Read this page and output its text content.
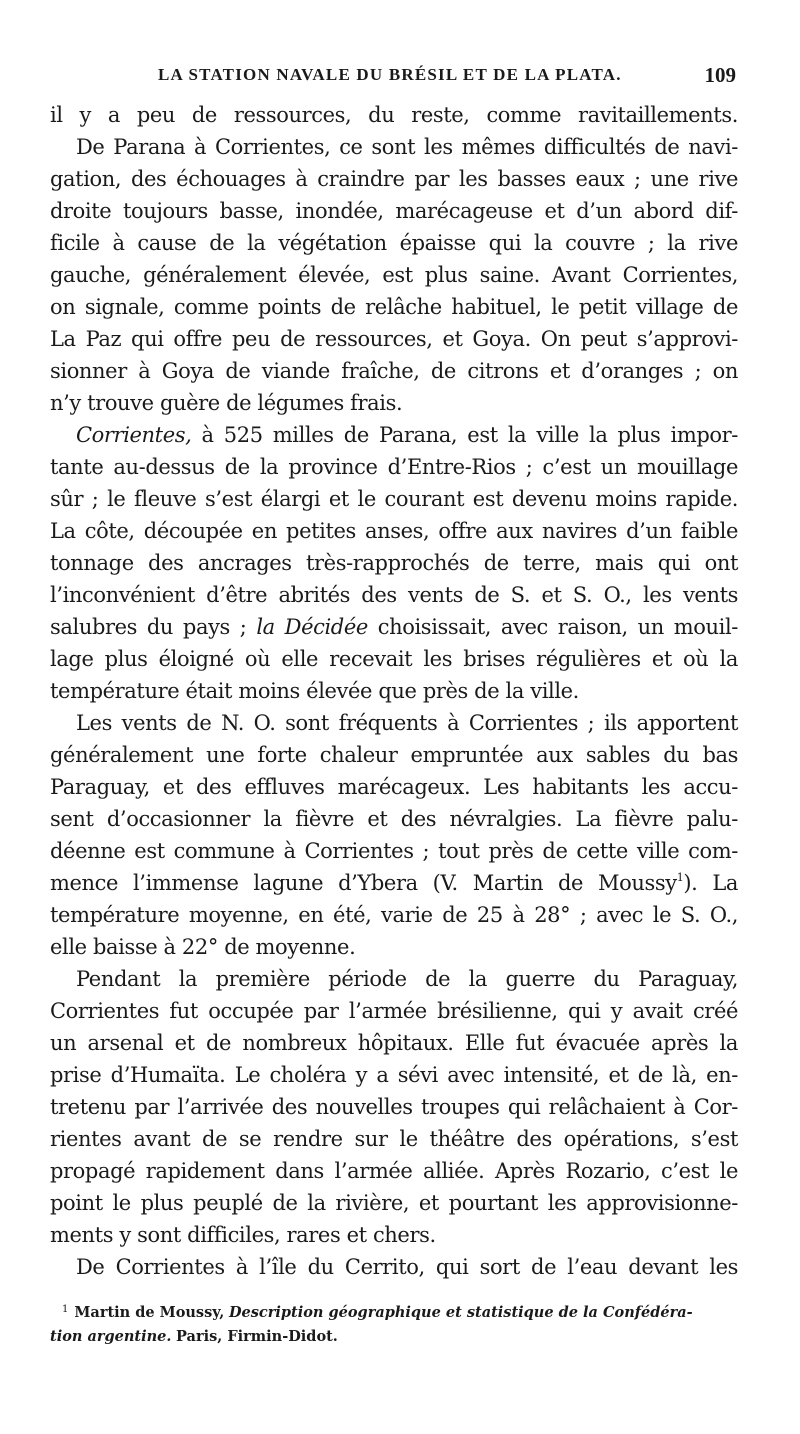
LA STATION NAVALE DU BRÉSIL ET DE LA PLATA.	109
il y a peu de ressources, du reste, comme ravitaillements.
De Parana à Corrientes, ce sont les mêmes difficultés de navi-
gation, des échouages à craindre par les basses eaux ; une rive
droite toujours basse, inondée, marécageuse et d’un abord dif-
ficile à cause de la végétation épaisse qui la couvre ; la rive
gauche, généralement élevée, est plus saine. Avant Corrientes,
on signale, comme points de relâche habituel, le petit village de
La Paz qui offre peu de ressources, et Goya. On peut s’approvi-
sionner à Goya de viande fraîche, de citrons et d’oranges ; on
n’y trouve guère de légumes frais.
Corrientes, à 525 milles de Parana, est la ville la plus impor-
tante au-dessus de la province d’Entre-Rios ; c’est un mouillage
sûr ; le fleuve s’est élargi et le courant est devenu moins rapide.
La côte, découpée en petites anses, offre aux navires d’un faible
tonnage des ancrages très-rapprochés de terre, mais qui ont
l’inconvénient d’être abrités des vents de S. et S. O., les vents
salubres du pays ; la Décidée choisissait, avec raison, un mouil-
lage plus éloigné où elle recevait les brises régulières et où la
température était moins élevée que près de la ville.
Les vents de N. O. sont fréquents à Corrientes ; ils apportent
généralement une forte chaleur empruntée aux sables du bas
Paraguay, et des effluves marécageux. Les habitants les accu-
sent d’occasionner la fièvre et des névralgies. La fièvre palu-
déenne est commune à Corrientes ; tout près de cette ville com-
mence l’immense lagune d’Ybera (V. Martin de Moussy$^1$). La
température moyenne, en été, varie de 25 à 28° ; avec le S. O.,
elle baisse à 22° de moyenne.
Pendant la première période de la guerre du Paraguay,
Corrientes fut occupée par l’armée brésilienne, qui y avait créé
un arsenal et de nombreux hôpitaux. Elle fut évacuée après la
prise d’Humaïta. Le choléra y a sévi avec intensité, et de là, en-
tretenu par l’arrivée des nouvelles troupes qui relâchaient à Cor-
rientes avant de se rendre sur le théâtre des opérations, s’est
propagé rapidement dans l’armée alliée. Après Rozario, c’est le
point le plus peuplé de la rivière, et pourtant les approvisionne-
ments y sont difficiles, rares et chers.
De Corrientes à l’île du Cerrito, qui sort de l’eau devant les
$^1$ Martin de Moussy, Description géographique et statistique de la Confédéra-
tion argentine. Paris, Firmin-Didot.
